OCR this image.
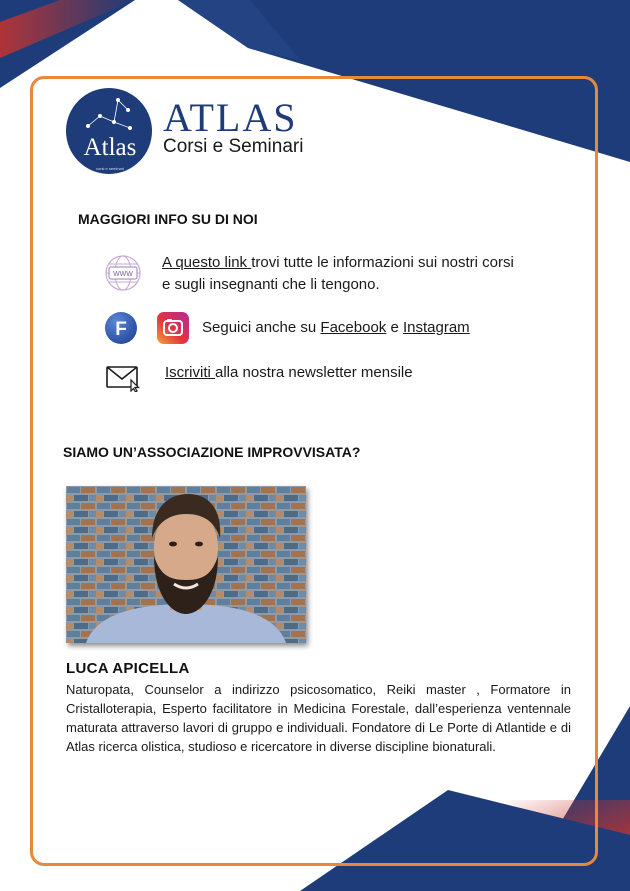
Atlas
corsi e seminari
ATLAS
Corsi e Seminari
MAGGIORI INFO SU DI NOI
WWW
A questo link trovi tutte le informazioni sui nostri corsi
e sugli insegnanti che li tengono.
F	Seguici anche su Facebook e Instagram
Iscriviti alla nostra newsletter mensile
SIAMO UN’ASSOCIAZIONE IMPROVVISATA?
LUCA APICELLA

Naturopata, Counselor a indirizzo psicosomatico, Reiki master , Formatore in Cristalloterapia, Esperto facilitatore in Medicina Forestale, dall’esperienza ventennale maturata attraverso lavori di gruppo e individuali. Fondatore di Le Porte di Atlantide e di Atlas ricerca olistica, studioso e ricercatore in diverse discipline bionaturali.
